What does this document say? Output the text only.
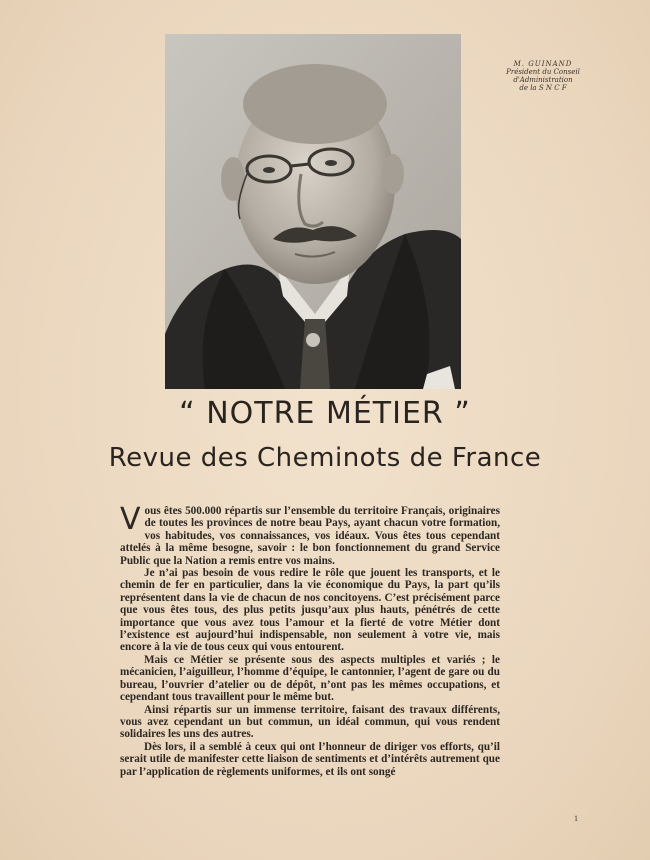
M. GUINAND
Président du Conseil
d'Administration
de la S N C F
“ NOTRE MÉTIER ”
Revue des Cheminots de France

Vous êtes 500.000 répartis sur l’ensemble du territoire Français, originaires de toutes les provinces de notre beau Pays, ayant chacun votre formation, vos habitudes, vos connaissances, vos idéaux. Vous êtes tous cependant attelés à la même besogne, savoir : le bon fonctionnement du grand Service Public que la Nation a remis entre vos mains.

Je n’ai pas besoin de vous redire le rôle que jouent les transports, et le chemin de fer en particulier, dans la vie économique du Pays, la part qu’ils représentent dans la vie de chacun de nos concitoyens. C’est précisément parce que vous êtes tous, des plus petits jusqu’aux plus hauts, pénétrés de cette importance que vous avez tous l’amour et la fierté de votre Métier dont l’existence est aujourd’hui indispensable, non seulement à votre vie, mais encore à la vie de tous ceux qui vous entourent.

Mais ce Métier se présente sous des aspects multiples et variés ; le mécanicien, l’aiguilleur, l’homme d’équipe, le cantonnier, l’agent de gare ou du bureau, l’ouvrier d’atelier ou de dépôt, n’ont pas les mêmes occupations, et cependant tous travaillent pour le même but.

Ainsi répartis sur un immense territoire, faisant des travaux différents, vous avez cependant un but commun, un idéal commun, qui vous rendent solidaires les uns des autres.

Dès lors, il a semblé à ceux qui ont l’honneur de diriger vos efforts, qu’il serait utile de manifester cette liaison de sentiments et d’intérêts autrement que par l’application de règlements uniformes, et ils ont songé

1
